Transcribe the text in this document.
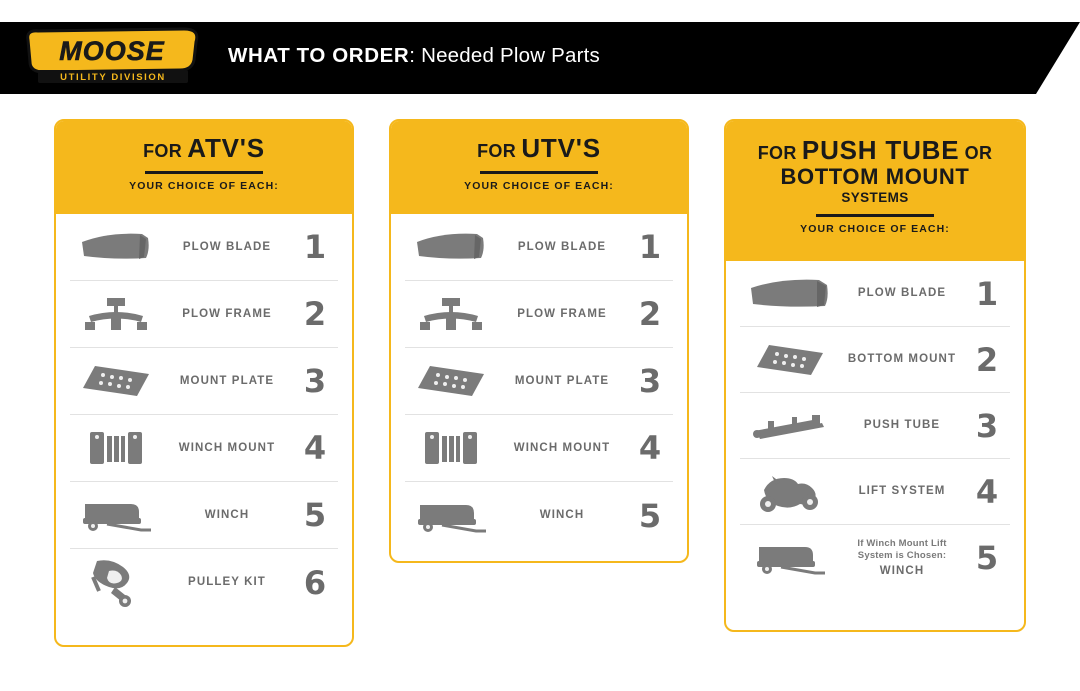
MOOSE
UTILITY DIVISION
WHAT TO ORDER: Needed Plow Parts
FOR ATV'S
YOUR CHOICE OF EACH:
PLOW BLADE	1
PLOW FRAME	2
MOUNT PLATE 3
WINCH MOUNT 4
WINCH	5
PULLEY KIT	6
FOR UTV'S
YOUR CHOICE OF EACH:
PLOW BLADE	1
PLOW FRAME	2
MOUNT PLATE 3
WINCH MOUNT 4
WINCH	5
FOR PUSH TUBE OR
BOTTOM MOUNT
SYSTEMS
YOUR CHOICE OF EACH:
PLOW BLADE 1
BOTTOM MOUNT 2
PUSH TUBE	3
LIFT SYSTEM 4
If Winch Mount Lift System is Chosen:
WINCH	5
